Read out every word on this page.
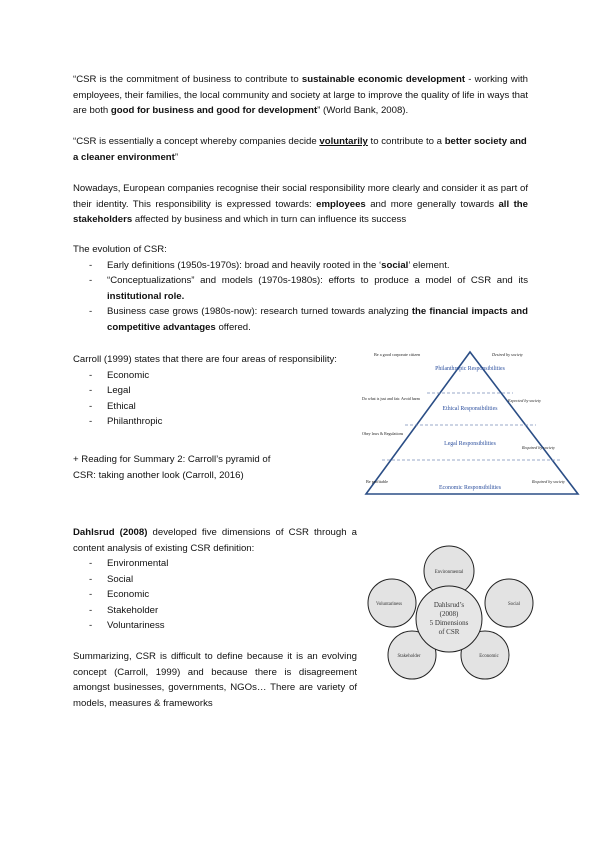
“CSR is the commitment of business to contribute to sustainable economic development - working with employees, their families, the local community and society at large to improve the quality of life in ways that are both good for business and good for development” (World Bank, 2008).
“CSR is essentially a concept whereby companies decide voluntarily to contribute to a better society and a cleaner environment”
Nowadays, European companies recognise their social responsibility more clearly and consider it as part of their identity. This responsibility is expressed towards: employees and more generally towards all the stakeholders affected by business and which in turn can influence its success
The evolution of CSR:
- Early definitions (1950s-1970s): broad and heavily rooted in the ‘social’ element.
- “Conceptualizations” and models (1970s-1980s): efforts to produce a model of CSR and its institutional role.
- Business case grows (1980s-now): research turned towards analyzing the financial impacts and competitive advantages offered.
Carroll (1999) states that there are four areas of responsibility:
- Economic
- Legal
- Ethical
- Philanthropic
+ Reading for Summary 2: Carroll’s pyramid of
CSR: taking another look (Carroll, 2016)
Philanthropic Responsibilities
Ethical Responsibilities
Legal Responsibilities
Economic Responsibilities
Be a good corporate citizen
Do what is just and fair. Avoid harm
Obey laws & Regulations
Be profitable
Desired by society
Expected by society
Required by society
Required by society
Dahlsrud (2008) developed five dimensions of CSR through a content analysis of existing CSR definition:
- Environmental
- Social
- Economic
- Stakeholder
- Voluntariness
Dahlsrud’s
(2008)
5 Dimensions
of CSR
Environmental
Social
Economic
Stakeholder
Voluntariness
Summarizing, CSR is difficult to define because it is an evolving concept (Carroll, 1999) and because there is disagreement amongst businesses, governments, NGOs… There are variety of models, measures & frameworks
